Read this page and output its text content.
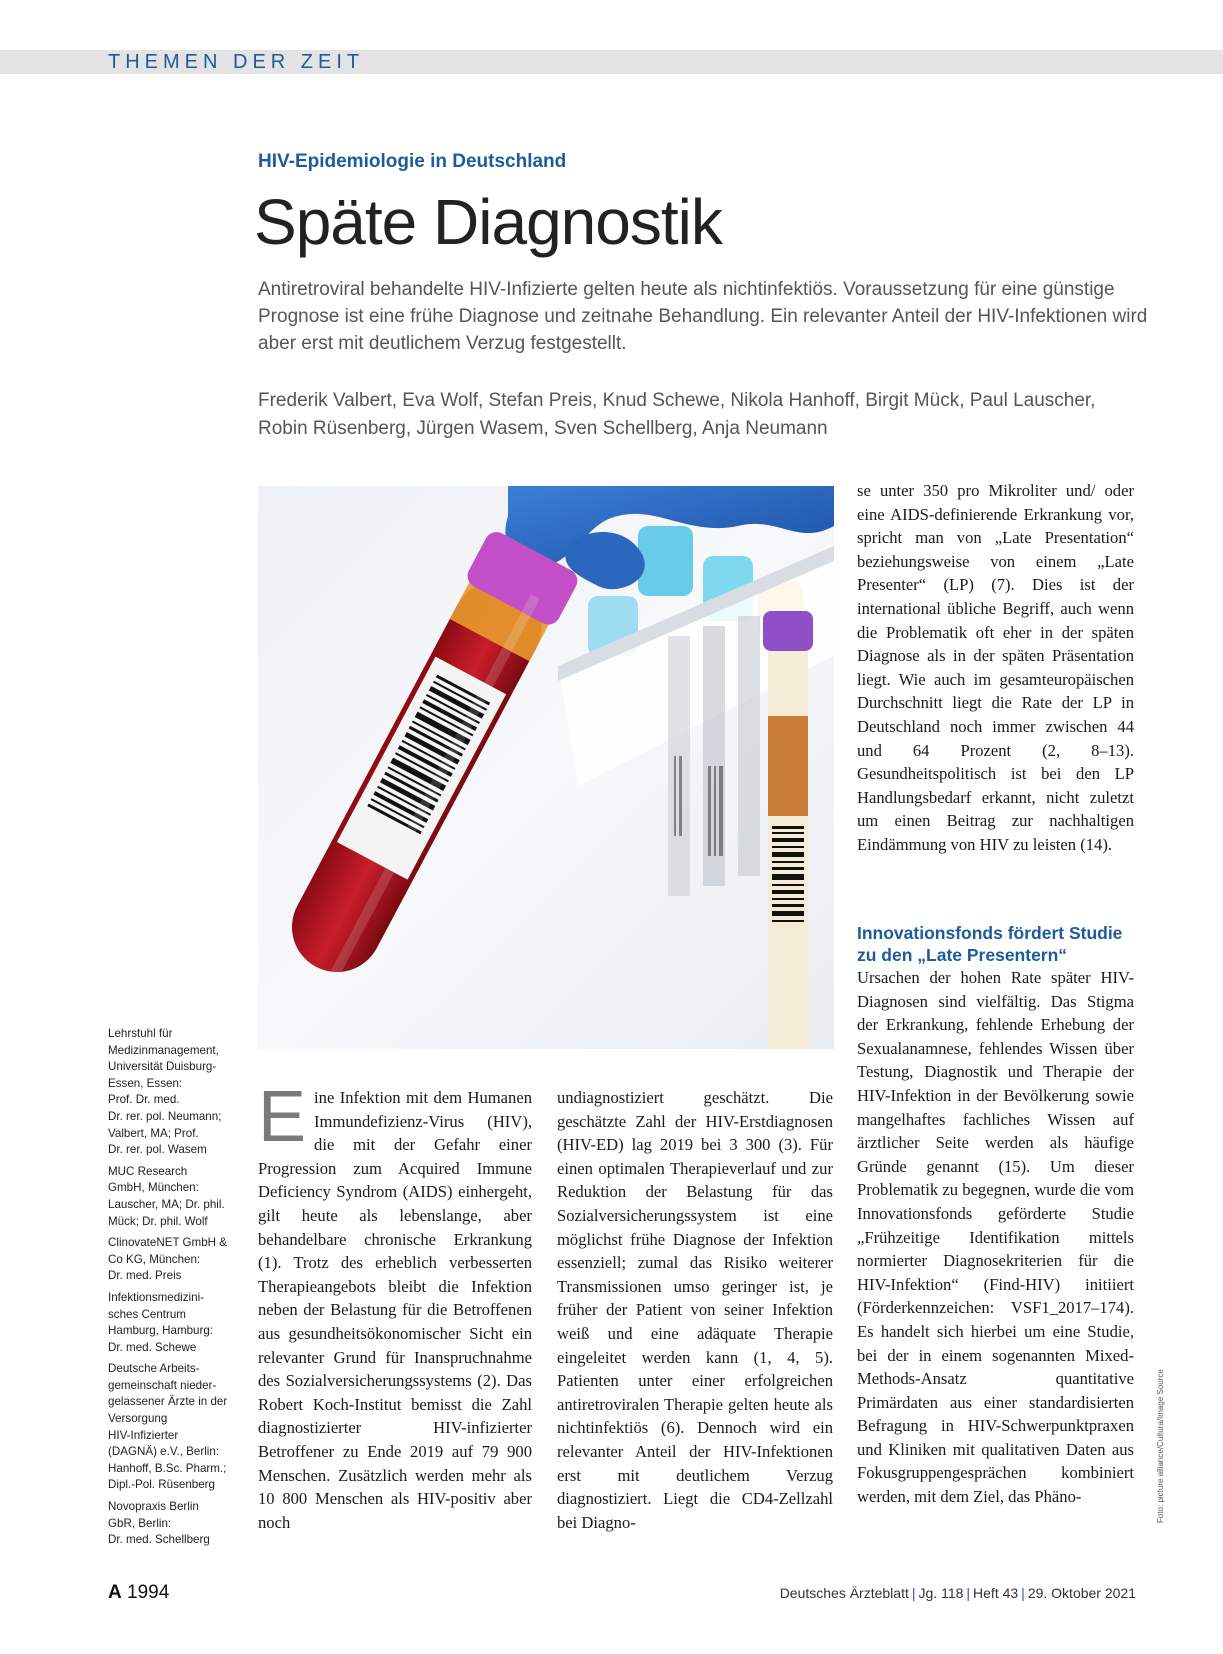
THEMEN DER ZEIT
HIV-Epidemiologie in Deutschland
Späte Diagnostik

Antiretroviral behandelte HIV-Infizierte gelten heute als nichtinfektiös. Voraussetzung für eine günstige Prognose ist eine frühe Diagnose und zeitnahe Behandlung. Ein relevanter Anteil der HIV-Infektionen wird aber erst mit deutlichem Verzug festgestellt.

Frederik Valbert, Eva Wolf, Stefan Preis, Knud Schewe, Nikola Hanhoff, Birgit Mück, Paul Lauscher, Robin Rüsenberg, Jürgen Wasem, Sven Schellberg, Anja Neumann

Eine Infektion mit dem Humanen Immundefizienz-Virus (HIV), die mit der Gefahr einer Progression zum Acquired Immune Deficiency Syndrom (AIDS) einhergeht, gilt heute als lebenslange, aber behandelbare chronische Erkrankung (1). Trotz des erheblich verbesserten Therapieangebots bleibt die Infektion neben der Belastung für die Betroffenen aus gesundheitsökonomischer Sicht ein relevanter Grund für Inanspruchnahme des Sozialversicherungssystems (2). Das Robert Koch-Institut bemisst die Zahl diagnostizierter HIV-infizierter Betroffener zu Ende 2019 auf 79 900 Menschen. Zusätzlich werden mehr als 10 800 Menschen als HIV-positiv aber noch

undiagnostiziert geschätzt. Die geschätzte Zahl der HIV-Erstdiagnosen (HIV-ED) lag 2019 bei 3 300 (3). Für einen optimalen Therapieverlauf und zur Reduktion der Belastung für das Sozialversicherungssystem ist eine möglichst frühe Diagnose der Infektion essenziell; zumal das Risiko weiterer Transmissionen umso geringer ist, je früher der Patient von seiner Infektion weiß und eine adäquate Therapie eingeleitet werden kann (1, 4, 5). Patienten unter einer erfolgreichen antiretroviralen Therapie gelten heute als nichtinfektiös (6). Dennoch wird ein relevanter Anteil der HIV-Infektionen erst mit deutlichem Verzug diagnostiziert. Liegt die CD4-Zellzahl bei Diagno-

se unter 350 pro Mikroliter und/ oder eine AIDS-definierende Erkrankung vor, spricht man von „Late Presentation“ beziehungsweise von einem „Late Presenter“ (LP) (7). Dies ist der international übliche Begriff, auch wenn die Problematik oft eher in der späten Diagnose als in der späten Präsentation liegt. Wie auch im gesamteuropäischen Durchschnitt liegt die Rate der LP in Deutschland noch immer zwischen 44 und 64 Prozent (2, 8–13). Gesundheitspolitisch ist bei den LP Handlungsbedarf erkannt, nicht zuletzt um einen Beitrag zur nachhaltigen Eindämmung von HIV zu leisten (14).

Innovationsfonds fördert Studie zu den „Late Presentern“

Ursachen der hohen Rate später HIV-Diagnosen sind vielfältig. Das Stigma der Erkrankung, fehlende Erhebung der Sexualanamnese, fehlendes Wissen über Testung, Diagnostik und Therapie der HIV-Infektion in der Bevölkerung sowie mangelhaftes fachliches Wissen auf ärztlicher Seite werden als häufige Gründe genannt (15). Um dieser Problematik zu begegnen, wurde die vom Innovationsfonds geförderte Studie „Frühzeitige Identifikation mittels normierter Diagnosekriterien für die HIV-Infektion“ (Find-HIV) initiiert (Förderkennzeichen: VSF1_2017–174). Es handelt sich hierbei um eine Studie, bei der in einem sogenannten Mixed-Methods-Ansatz quantitative Primärdaten aus einer standardisierten Befragung in HIV-Schwerpunktpraxen und Kliniken mit qualitativen Daten aus Fokusgruppengesprächen kombiniert werden, mit dem Ziel, das Phäno-

Lehrstuhl für
Medizinmanagement,
Universität Duisburg-
Essen, Essen:
Prof. Dr. med.
Dr. rer. pol. Neumann;
Valbert, MA; Prof.
Dr. rer. pol. Wasem

MUC Research
GmbH, München:
Lauscher, MA; Dr. phil.
Mück; Dr. phil. Wolf

ClinovateNET GmbH &
Co KG, München:
Dr. med. Preis

Infektionsmedizini-
sches Centrum
Hamburg, Hamburg:
Dr. med. Schewe

Deutsche Arbeits-
gemeinschaft nieder-
gelassener Ärzte in der
Versorgung
HIV-Infizierter
(DAGNÄ) e.V., Berlin:
Hanhoff, B.Sc. Pharm.;
Dipl.-Pol. Rüsenberg

Novopraxis Berlin
GbR, Berlin:
Dr. med. Schellberg

Foto: picture alliance/Cultura/Image Source
A 1994	Deutsches Ärzteblatt | Jg. 118 | Heft 43 | 29. Oktober 2021
